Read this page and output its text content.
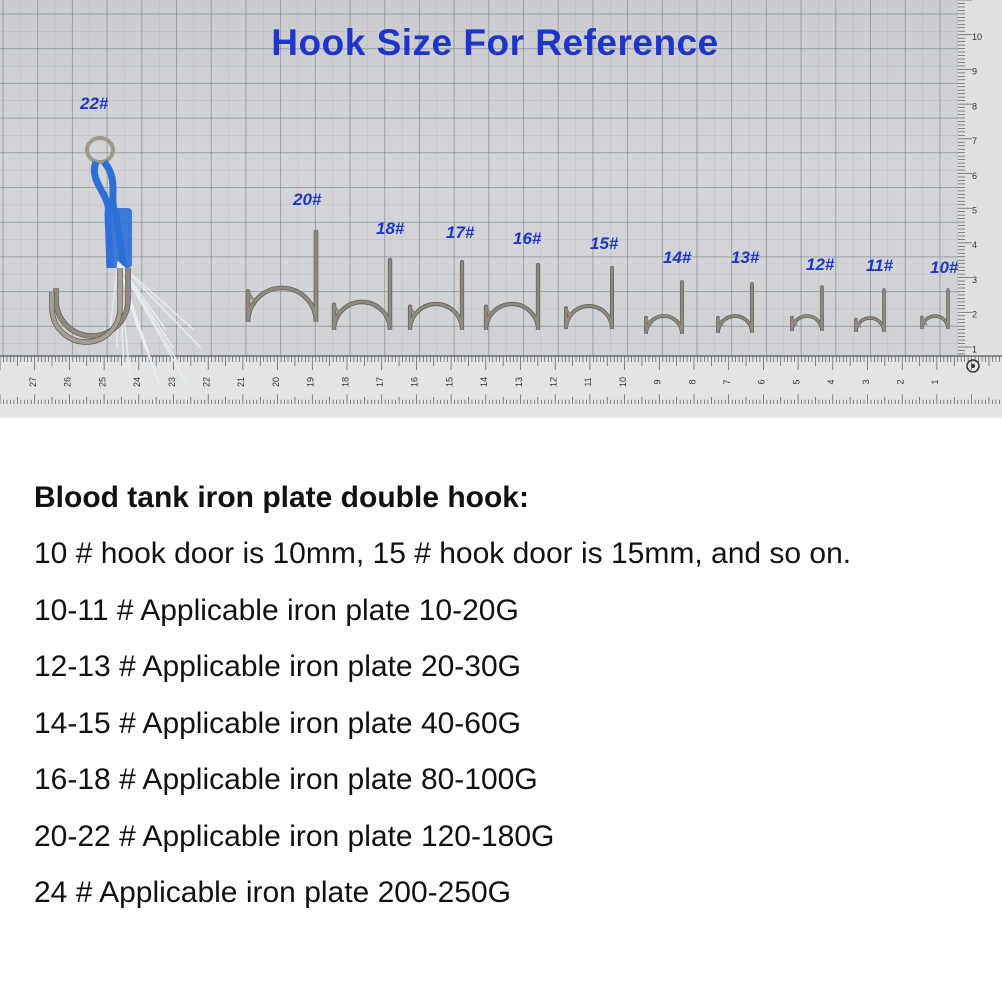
10
9
8
7
6
5
4
3
2
1
27	26	25	24	23	22	21	20	19	18	17	16	15	14	13	12	11	10	9	8	7	6	5	4	3	2	1
Hook Size For Reference
22#
20#
18# 17# 16#	15#
14# 13#	12# 11# 10#
Blood tank iron plate double hook:
10 # hook door is 10mm, 15 # hook door is 15mm, and so on.
10-11 # Applicable iron plate 10-20G
12-13 # Applicable iron plate 20-30G
14-15 # Applicable iron plate 40-60G
16-18 # Applicable iron plate 80-100G
20-22 # Applicable iron plate 120-180G
24 # Applicable iron plate 200-250G
